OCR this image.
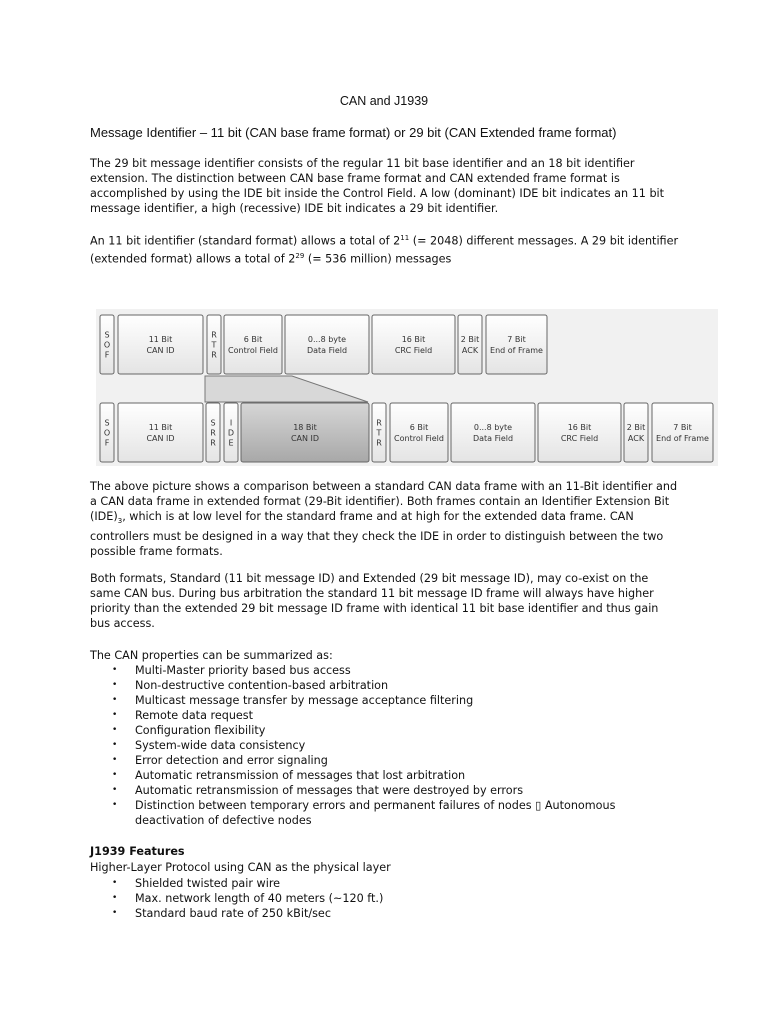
CAN and J1939
Message Identifier – 11 bit (CAN base frame format) or 29 bit (CAN Extended frame format)

The 29 bit message identifier consists of the regular 11 bit base identifier and an 18 bit identifier extension. The distinction between CAN base frame format and CAN extended frame format is accomplished by using the IDE bit inside the Control Field. A low (dominant) IDE bit indicates an 11 bit message identifier, a high (recessive) IDE bit indicates a 29 bit identifier.

An 11 bit identifier (standard format) allows a total of $2^{11}$ (= 2048) different messages. A 29 bit identifier (extended format) allows a total of $2^{29}$ (= 536 million) messages

S
O
F
11 Bit
CAN ID
R
T
R
6 Bit
Control Field
0...8 byte
Data Field
16 Bit
CRC Field
2 Bit
ACK
7 Bit
End of Frame
S
O
F
11 Bit
CAN ID
S
R
R
I
D
E
18 Bit
CAN ID
R
T
R
6 Bit
Control Field
0...8 byte
Data Field
16 Bit
CRC Field
2 Bit
ACK
7 Bit
End of Frame

The above picture shows a comparison between a standard CAN data frame with an 11-Bit identifier and a CAN data frame in extended format (29-Bit identifier). Both frames contain an Identifier Extension Bit $(IDE)_3$, which is at low level for the standard frame and at high for the extended data frame. CAN controllers must be designed in a way that they check the IDE in order to distinguish between the two possible frame formats.

Both formats, Standard (11 bit message ID) and Extended (29 bit message ID), may co-exist on the same CAN bus. During bus arbitration the standard 11 bit message ID frame will always have higher priority than the extended 29 bit message ID frame with identical 11 bit base identifier and thus gain bus access.

The CAN properties can be summarized as:

• Multi-Master priority based bus access
• Non-destructive contention-based arbitration
• Multicast message transfer by message acceptance filtering
• Remote data request
• Configuration flexibility
• System-wide data consistency
• Error detection and error signaling
• Automatic retransmission of messages that lost arbitration
• Automatic retransmission of messages that were destroyed by errors
• Distinction between temporary errors and permanent failures of nodes ▯ Autonomous deactivation of defective nodes
J1939 Features
Higher-Layer Protocol using CAN as the physical layer
• Shielded twisted pair wire
• Max. network length of 40 meters (~120 ft.)
• Standard baud rate of 250 kBit/sec
